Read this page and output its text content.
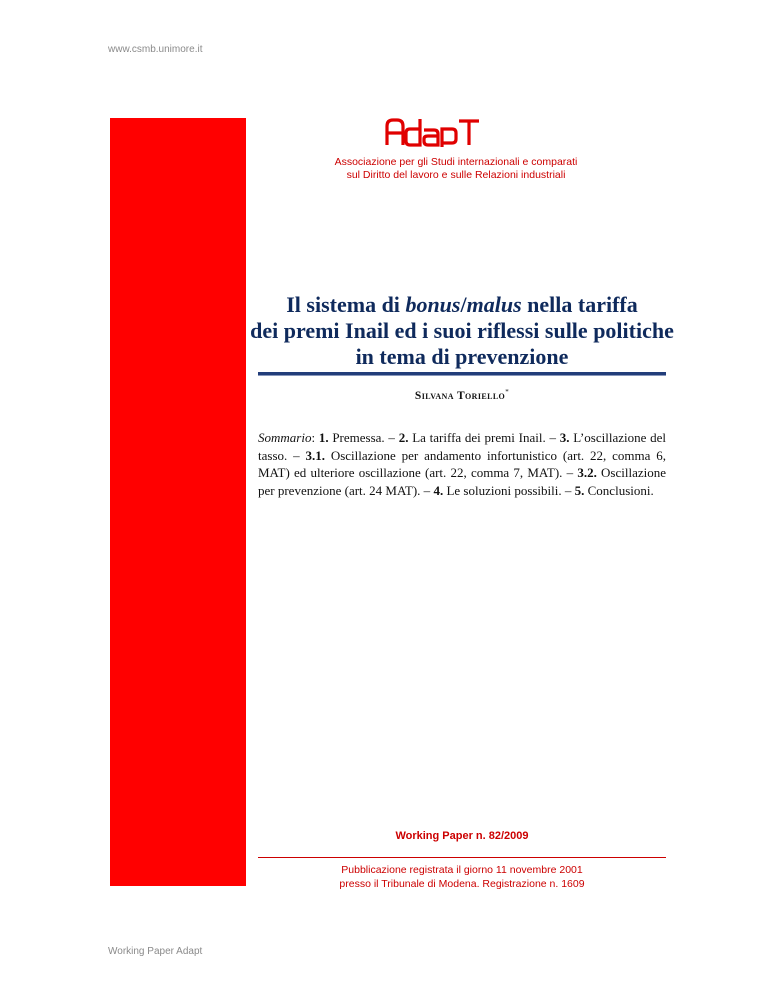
www.csmb.unimore.it
ADAPT
Associazione per gli Studi internazionali e comparati
sul Diritto del lavoro e sulle Relazioni industriali
Il sistema di bonus/malus nella tariffa
dei premi Inail ed i suoi riflessi sulle politiche
in tema di prevenzione
Silvana Toriello*
Sommario: 1. Premessa. – 2. La tariffa dei premi Inail. – 3. L’oscillazione del tasso. – 3.1. Oscillazione per andamento infortunistico (art. 22, comma 6, MAT) ed ulteriore oscillazione (art. 22, comma 7, MAT). – 3.2. Oscillazione per prevenzione (art. 24 MAT). – 4. Le soluzioni possibili. – 5. Conclusioni.
Working Paper n. 82/2009
Pubblicazione registrata il giorno 11 novembre 2001
presso il Tribunale di Modena. Registrazione n. 1609
Working Paper Adapt
